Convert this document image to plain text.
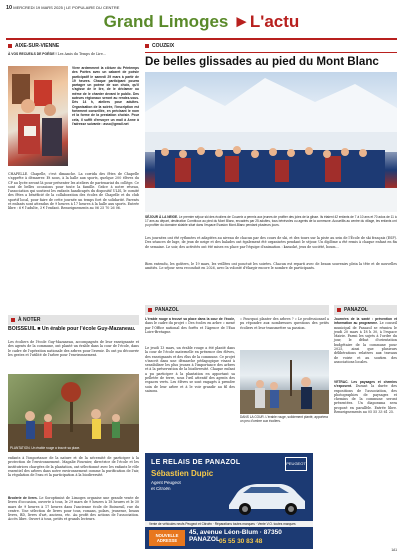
10 MERCREDI 19 MARS 2025 | LE POPULAIRE DU CENTRE
Grand Limoges ►L'actu
AIXE-SUR-VIENNE
À VOS RECUEILS DE POÉSIE ! Les Amis du Temps de Lire...
Vivre ardemment la clôture du Printemps des Poètes avec un cabaret de poésie participatif le samedi 29 mars à partir de 19 heures. Chaque participant pourra partager un poème de son choix, qu'il s'agisse de le lire, de le déclamer ou même de le chanter devant le public. Des auteurs régionaux seront au rendez-vous. Dès 14 h, ateliers pour adultes. Organisation de la soirée, l'inscription est fortement conseillée, en précisant le nom et la forme de la prestation choisie. Pour cela, il suffit d'envoyer un mail à Anne à l'adresse suivante : asso@gmail.net
CHAPELLE. Chapelle, c'est dimanche. La corrida des fêtes de Chapelle s'apprête à démarrer. Et nous, à la halle aux sports, quelque 200 élèves du CP au lycée seront là pour présenter les ateliers de partenariat du collège. Ce sont de belles occasions pour toute la famille. Grâce à notre réseau, l'association qui soutient les enfants handicapés du dispositif ULIS, le comité des fêtes a bénéficié de la collaboration des écoles de Chapelle et du club sportif local, pour faire de cette journée un temps fort de solidarité. Parents et enfants sont attendus de 9 heures à 17 heures à la halle aux sports. Entrée libre : 6 € l'adulte, 3 € l'enfant. Renseignements au 06 25 70 26 06.
À NOTER
BOISSEUIL ■ Un érable pour l'école Guy-Mazaneau.
Les écoliers de l'école Guy-Mazaneau, accompagnés de leur enseignante et des agents de la commune, ont planté un érable dans la cour de l'école, dans le cadre de l'opération nationale des arbres pour l'avenir. Ils ont pu découvrir les gestes et l'utilité de l'arbre pour l'environnement.
PLANTATION. Un érable rouge a trouvé sa place.
enfants à l'importance de la nature et de la nécessité de participer à la protection de l'environnement. Magalie Fournier, directrice de l'école et les institutrices chargées de la plantation, ont sélectionné avec les enfants le rôle essentiel des arbres dans notre environnement comme la purification de l'air, la régulation de l'eau et la participation à la biodiversité.
Broderie de livres. Le Soroptimist de Limoges organise une grande vente de livres d'occasion, ouverte à tous, le 29 mars de 9 heures à 18 heures et le 30 mars de 9 heures à 17 heures dans l'ancienne école de Boisseuil, rue du centre. Une sélection de livres pour tous, romans, polars, jeunesse, beaux livres, BD, livres d'art, anciens, etc. Au profit des actions de l'association. Accès libre. Ouvert à tous, petits et grands lecteurs.
COUZEIX
De belles glissades au pied du Mont Blanc
SÉJOUR À LA NEIGE. Le premier séjour ski des écoliers de Couzeix a permis aux jeunes de profiter des joies de la glisse. Ils étaient 42 enfants de 7 à 10 ans et 70 ados de 11 à 17 ans au départ, destination Combloux au pied du Mont Blanc, encadrés par 25 adultes, tous bénévoles ou agents de la commune. Accueillis au centre du village, les enfants ont pu profiter du domaine skiable situé dans l'espace Evasion Mont-Blanc pendant plusieurs jours.
Les journées ont été rythmées et adaptées au niveau de chacun par des cours de ski, et des tours sur la piste au sein de l'École de ski français (ESF). Des séances de luge, de jeux de neige et des balades ont également été organisées pendant le séjour. Un diplôme a été remis à chaque enfant en fin de semaine. Le soir, des activités ont été mises en place par l'équipe d'animation : karaoké, jeux de société, boum...
Bien entendu, les goûters, le 19 mars, les veillées ont ponctué les soirées. Chacun est reparti avec de beaux souvenirs plein la tête et de nouvelles amitiés. Le séjour sera reconduit en 2026, avec la volonté d'élargir encore le nombre de participants.
PANAZOL
L'érable rouge a trouvé sa place dans la cour de l'école, dans le cadre du projet « Des écoles en arbre » mené par l'Office national des forêts et l'Agence de l'Eau Loire-Bretagne.
Le jeudi 13 mars, un érable rouge a été planté dans la cour de l'école maternelle en présence des élèves, des enseignants et des élus de la commune. Ce projet s'inscrit dans une démarche pédagogique visant à sensibiliser les plus jeunes à l'importance des arbres et à la préservation de la biodiversité. Chaque enfant a pu participer à la plantation en apportant sa pelletée de terre, sous l'œil attentif des agents des espaces verts. Les élèves se sont engagés à prendre soin de leur arbre et à le voir grandir au fil des saisons.
« Pourquoi planter des arbres ? » Le professionnel a pu répondre aux nombreuses questions des petits écoliers et leur transmettre sa passion.
DANS LA COUR. L'érable rouge, solidement planté, apportera un peu d'ombre aux écoliers.
PANAZOL
Journées de la santé : prévention et information au programme. Le conseil municipal de Panazol se réunira le jeudi 20 mars à 18 h 30, à l'espace Mairie. Parmi les sujets à l'ordre du jour, le débat d'orientation budgétaire de la commune pour 2025, ainsi que plusieurs délibérations relatives aux travaux de voirie et au soutien des associations locales.
VETRAC. Les paysages et chemins s'exposent. Durant la durée des expositions de l'association, des photographies de paysages et chemins de la commune seront présentées. Un diaporama sera proposé en parallèle. Entrée libre. Renseignements au 05 55 33 61 25.
1A1
LE RELAIS DE PANAZOL
Sébastien Dupic
Agent Peugeot
et Citroën
PEUGEOT
Vente de véhicules neufs Peugeot et Citroën · Réparations toutes marques · Vente V.O. toutes marques
NOUVELLE ADRESSE
45, avenue Léon-Blum · 87350 PANAZOL 05 55 30 83 48
